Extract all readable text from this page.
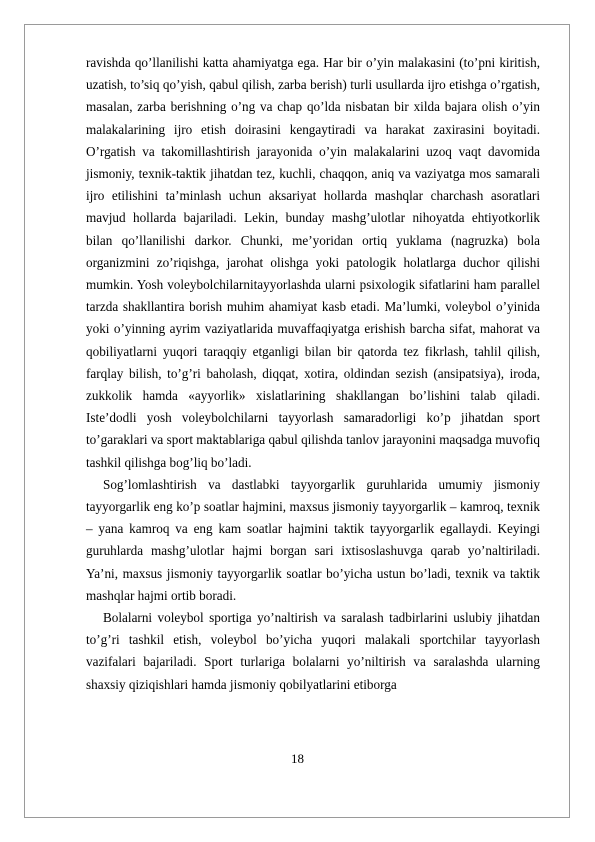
ravishda qo’llanilishi katta ahamiyatga ega. Har bir o’yin malakasini (to’pni kiritish, uzatish, to’siq qo’yish, qabul qilish, zarba berish) turli usullarda ijro etishga o’rgatish, masalan, zarba berishning o’ng va chap qo’lda nisbatan bir xilda bajara olish o’yin malakalarining ijro etish doirasini kengaytiradi va harakat zaxirasini boyitadi. O’rgatish va takomillashtirish jarayonida o’yin malakalarini uzoq vaqt davomida jismoniy, texnik-taktik jihatdan tez, kuchli, chaqqon, aniq va vaziyatga mos samarali ijro etilishini ta’minlash uchun aksariyat hollarda mashqlar charchash asoratlari mavjud hollarda bajariladi. Lekin, bunday mashg’ulotlar nihoyatda ehtiyotkorlik bilan qo’llanilishi darkor. Chunki, me’yoridan ortiq yuklama (nagruzka) bola organizmini zo’riqishga, jarohat olishga yoki patologik holatlarga duchor qilishi mumkin. Yosh voleybolchilarnitayyorlashda ularni psixologik sifatlarini ham parallel tarzda shakllantira borish muhim ahamiyat kasb etadi. Ma’lumki, voleybol o’yinida yoki o’yinning ayrim vaziyatlarida muvaffaqiyatga erishish barcha sifat, mahorat va qobiliyatlarni yuqori taraqqiy etganligi bilan bir qatorda tez fikrlash, tahlil qilish, farqlay bilish, to’g’ri baholash, diqqat, xotira, oldindan sezish (ansipatsiya), iroda, zukkolik hamda «ayyorlik» xislatlarining shakllangan bo’lishini talab qiladi. Iste’dodli yosh voleybolchilarni tayyorlash samaradorligi ko’p jihatdan sport to’garaklari va sport maktablariga qabul qilishda tanlov jarayonini maqsadga muvofiq tashkil qilishga bog’liq bo’ladi.

Sog’lomlashtirish va dastlabki tayyorgarlik guruhlarida umumiy jismoniy tayyorgarlik eng ko’p soatlar hajmini, maxsus jismoniy tayyorgarlik – kamroq, texnik – yana kamroq va eng kam soatlar hajmini taktik tayyorgarlik egallaydi. Keyingi guruhlarda mashg’ulotlar hajmi borgan sari ixtisoslashuvga qarab yo’naltiriladi. Ya’ni, maxsus jismoniy tayyorgarlik soatlar bo’yicha ustun bo’ladi, texnik va taktik mashqlar hajmi ortib boradi.

Bolalarni voleybol sportiga yo’naltirish va saralash tadbirlarini uslubiy jihatdan to’g’ri tashkil etish, voleybol bo’yicha yuqori malakali sportchilar tayyorlash vazifalari bajariladi. Sport turlariga bolalarni yo’niltirish va saralashda ularning shaxsiy qiziqishlari hamda jismoniy qobilyatlarini etiborga

18
